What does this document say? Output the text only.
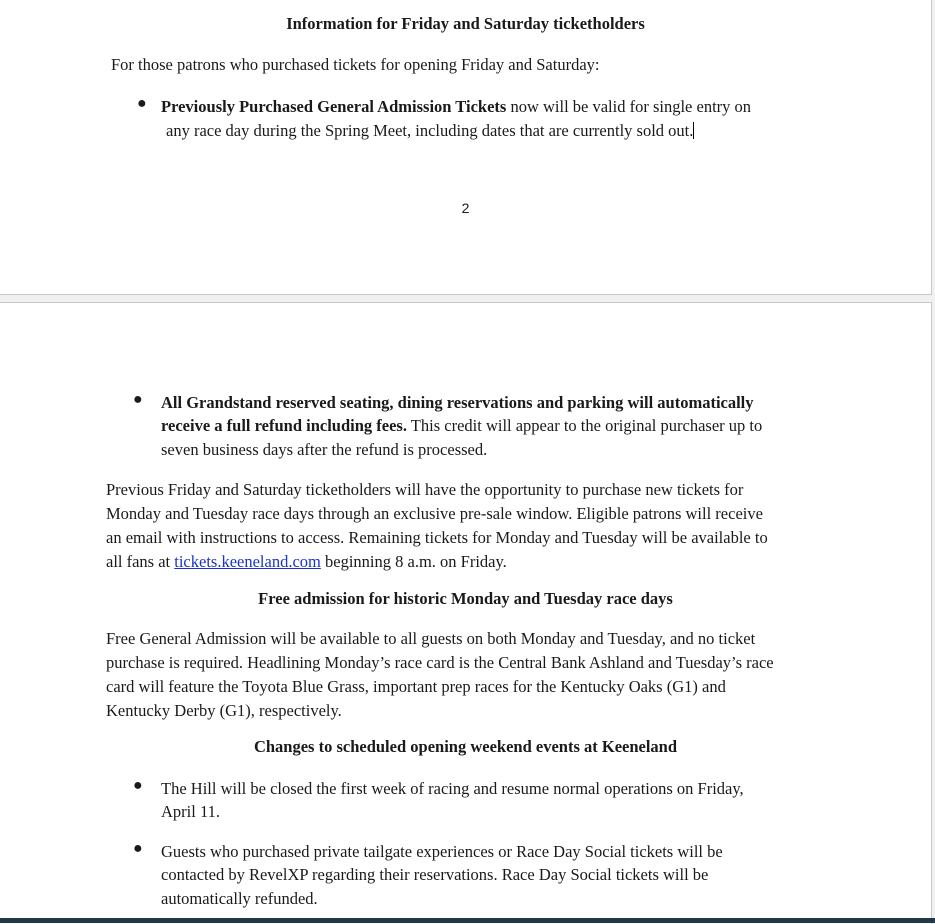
Information for Friday and Saturday ticketholders

For those patrons who purchased tickets for opening Friday and Saturday:

● Previously Purchased General Admission Tickets now will be valid for single entry on

any race day during the Spring Meet, including dates that are currently sold out.

2

● All Grandstand reserved seating, dining reservations and parking will automatically

receive a full refund including fees. This credit will appear to the original purchaser up to

seven business days after the refund is processed.

Previous Friday and Saturday ticketholders will have the opportunity to purchase new tickets for

Monday and Tuesday race days through an exclusive pre-sale window. Eligible patrons will receive

an email with instructions to access. Remaining tickets for Monday and Tuesday will be available to

all fans at tickets.keeneland.com beginning 8 a.m. on Friday.

Free admission for historic Monday and Tuesday race days

Free General Admission will be available to all guests on both Monday and Tuesday, and no ticket

purchase is required. Headlining Monday’s race card is the Central Bank Ashland and Tuesday’s race

card will feature the Toyota Blue Grass, important prep races for the Kentucky Oaks (G1) and

Kentucky Derby (G1), respectively.

Changes to scheduled opening weekend events at Keeneland

● The Hill will be closed the first week of racing and resume normal operations on Friday,

April 11.

● Guests who purchased private tailgate experiences or Race Day Social tickets will be

contacted by RevelXP regarding their reservations. Race Day Social tickets will be

automatically refunded.
